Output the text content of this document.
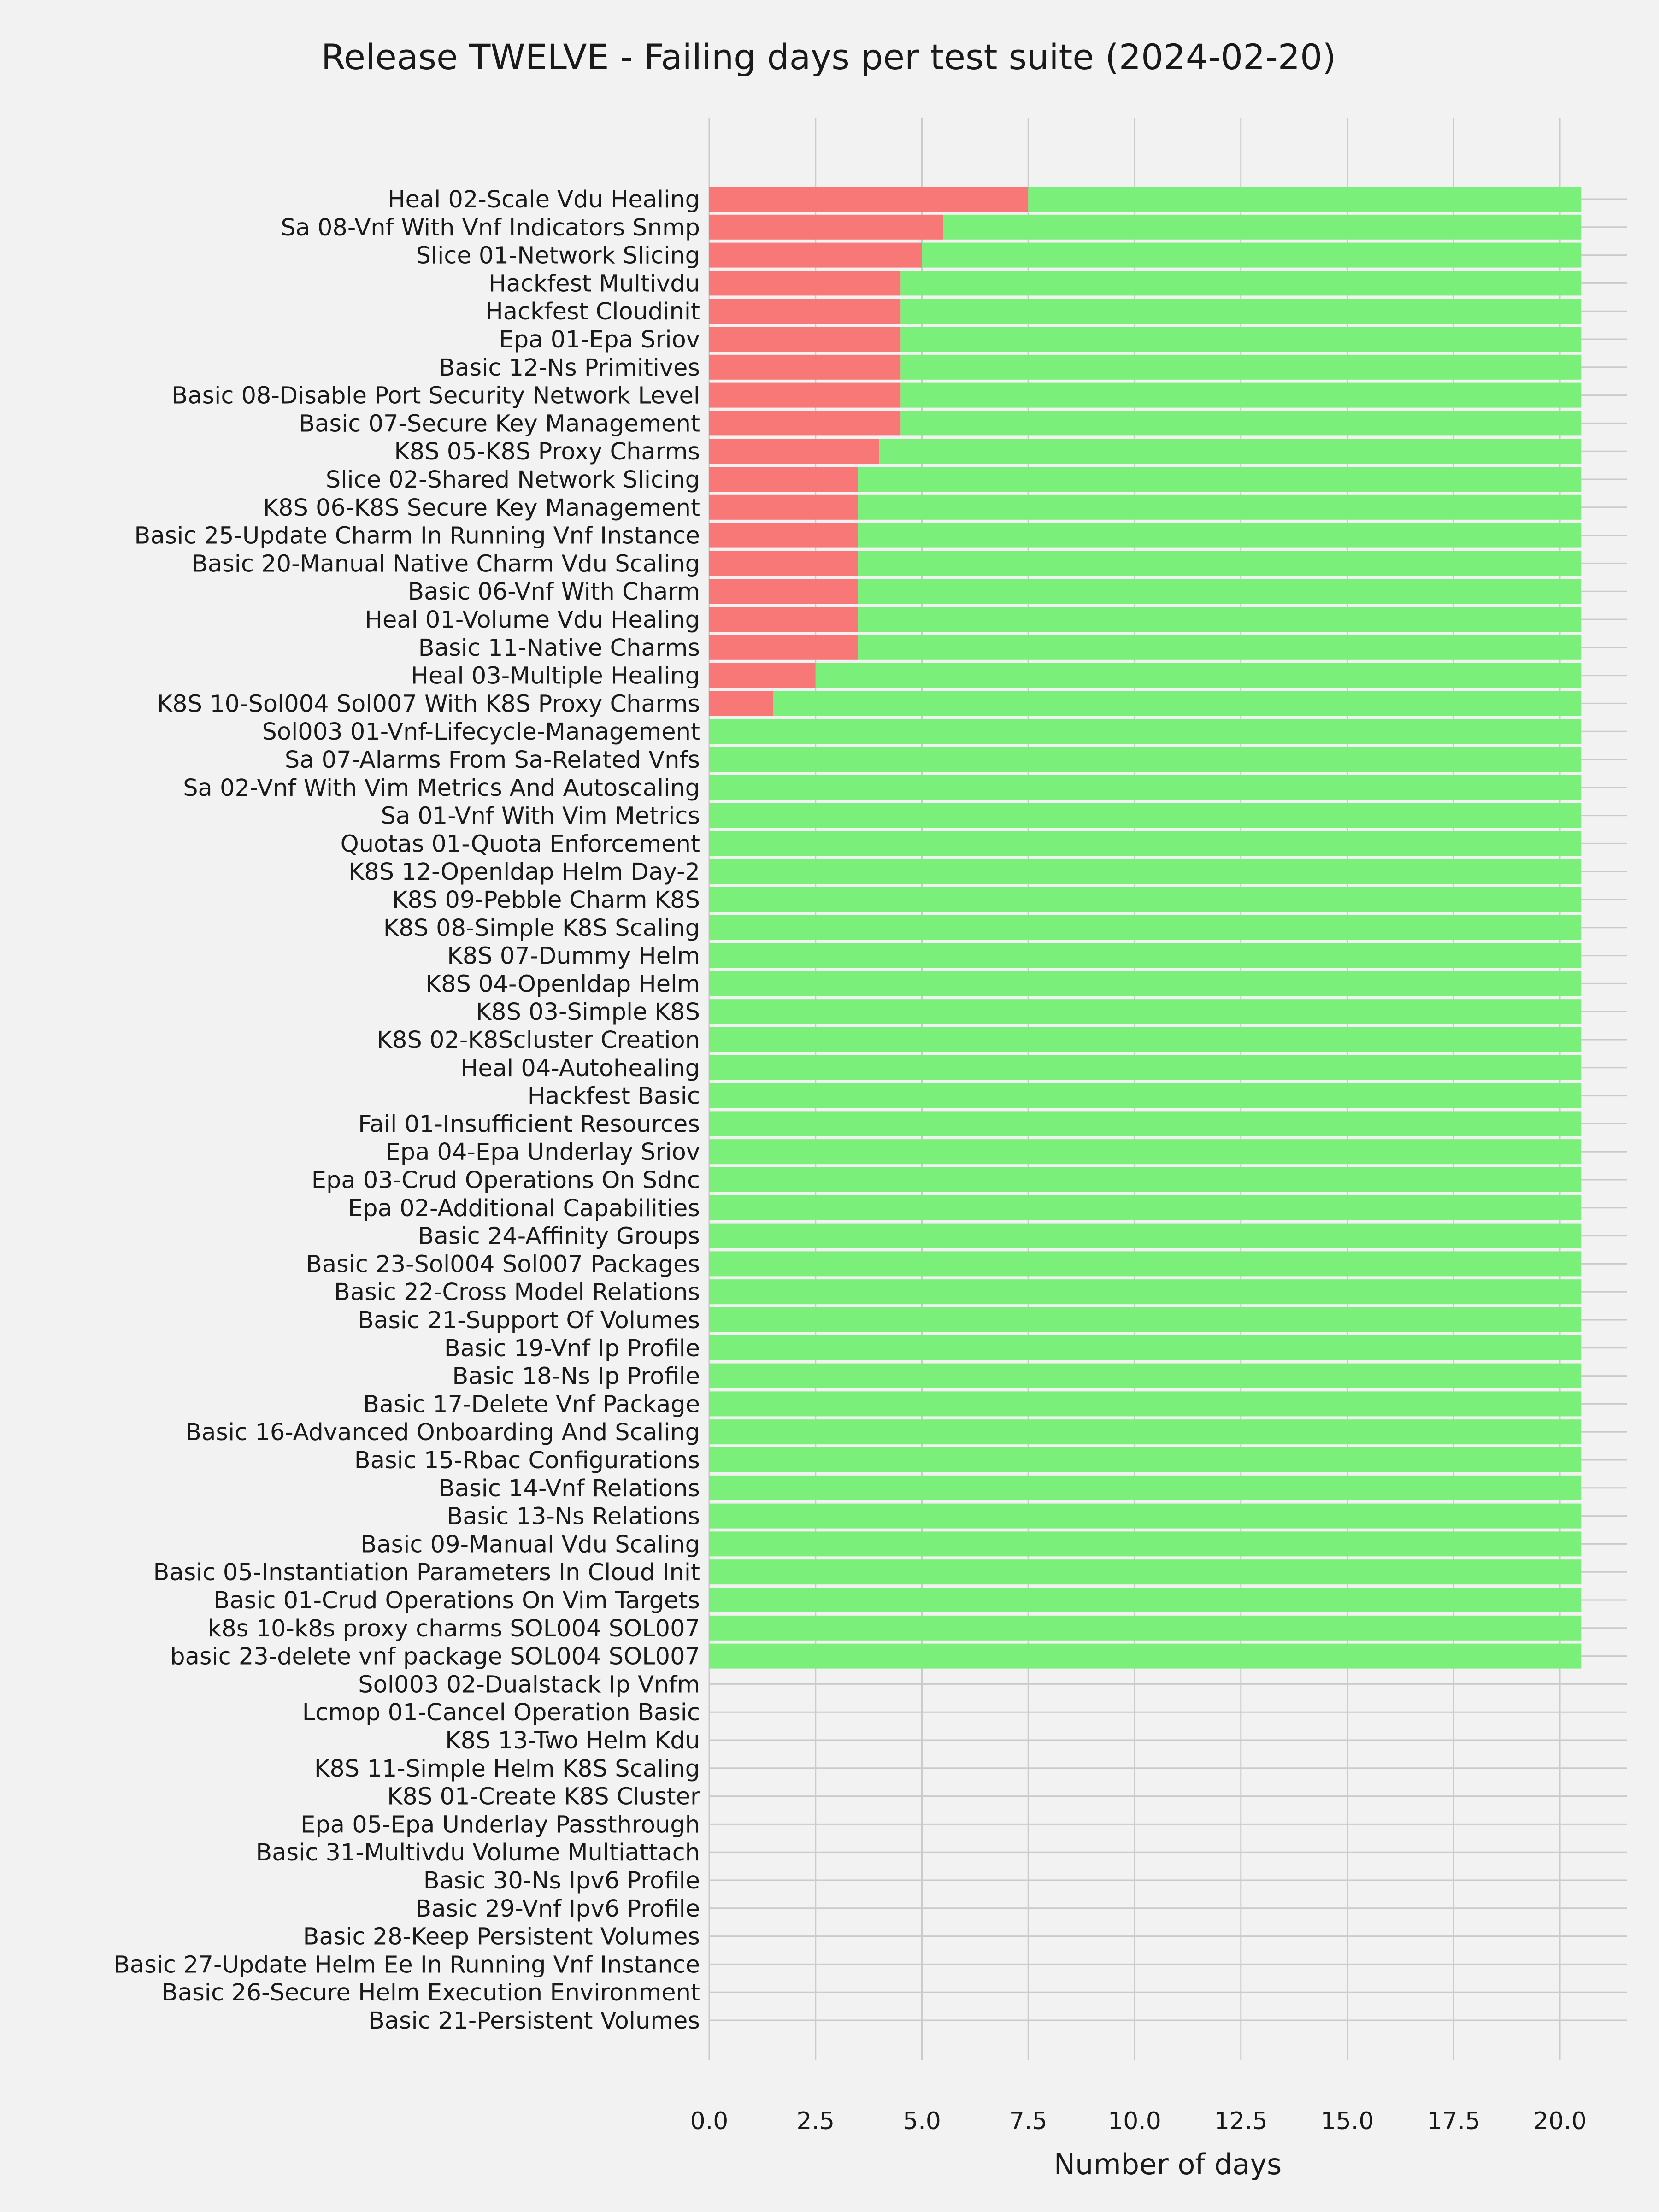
Release TWELVE - Failing days per test suite (2024-02-20)
Heal 02-Scale Vdu Healing
Sa 08-Vnf With Vnf Indicators Snmp
Slice 01-Network Slicing
Hackfest Multivdu
Hackfest Cloudinit
Epa 01-Epa Sriov
Basic 12-Ns Primitives
Basic 08-Disable Port Security Network Level
Basic 07-Secure Key Management
K8S 05-K8S Proxy Charms
Slice 02-Shared Network Slicing
K8S 06-K8S Secure Key Management
Basic 25-Update Charm In Running Vnf Instance
Basic 20-Manual Native Charm Vdu Scaling
Basic 06-Vnf With Charm
Heal 01-Volume Vdu Healing
Basic 11-Native Charms
Heal 03-Multiple Healing
K8S 10-Sol004 Sol007 With K8S Proxy Charms
Sol003 01-Vnf-Lifecycle-Management
Sa 07-Alarms From Sa-Related Vnfs
Sa 02-Vnf With Vim Metrics And Autoscaling
Sa 01-Vnf With Vim Metrics
Quotas 01-Quota Enforcement
K8S 12-Openldap Helm Day-2
K8S 09-Pebble Charm K8S
K8S 08-Simple K8S Scaling
K8S 07-Dummy Helm
K8S 04-Openldap Helm
K8S 03-Simple K8S
K8S 02-K8Scluster Creation
Heal 04-Autohealing
Hackfest Basic
Fail 01-Insufficient Resources
Epa 04-Epa Underlay Sriov
Epa 03-Crud Operations On Sdnc
Epa 02-Additional Capabilities
Basic 24-Affinity Groups
Basic 23-Sol004 Sol007 Packages
Basic 22-Cross Model Relations
Basic 21-Support Of Volumes
Basic 19-Vnf Ip Profile
Basic 18-Ns Ip Profile
Basic 17-Delete Vnf Package
Basic 16-Advanced Onboarding And Scaling
Basic 15-Rbac Configurations
Basic 14-Vnf Relations
Basic 13-Ns Relations
Basic 09-Manual Vdu Scaling
Basic 05-Instantiation Parameters In Cloud Init
Basic 01-Crud Operations On Vim Targets
k8s 10-k8s proxy charms SOL004 SOL007
basic 23-delete vnf package SOL004 SOL007
Sol003 02-Dualstack Ip Vnfm
Lcmop 01-Cancel Operation Basic
K8S 13-Two Helm Kdu
K8S 11-Simple Helm K8S Scaling
K8S 01-Create K8S Cluster
Epa 05-Epa Underlay Passthrough
Basic 31-Multivdu Volume Multiattach
Basic 30-Ns Ipv6 Profile
Basic 29-Vnf Ipv6 Profile
Basic 28-Keep Persistent Volumes
Basic 27-Update Helm Ee In Running Vnf Instance
Basic 26-Secure Helm Execution Environment
Basic 21-Persistent Volumes
0.0	2.5	5.0	7.5	10.0 12.5 15.0 17.5 20.0
Number of days
